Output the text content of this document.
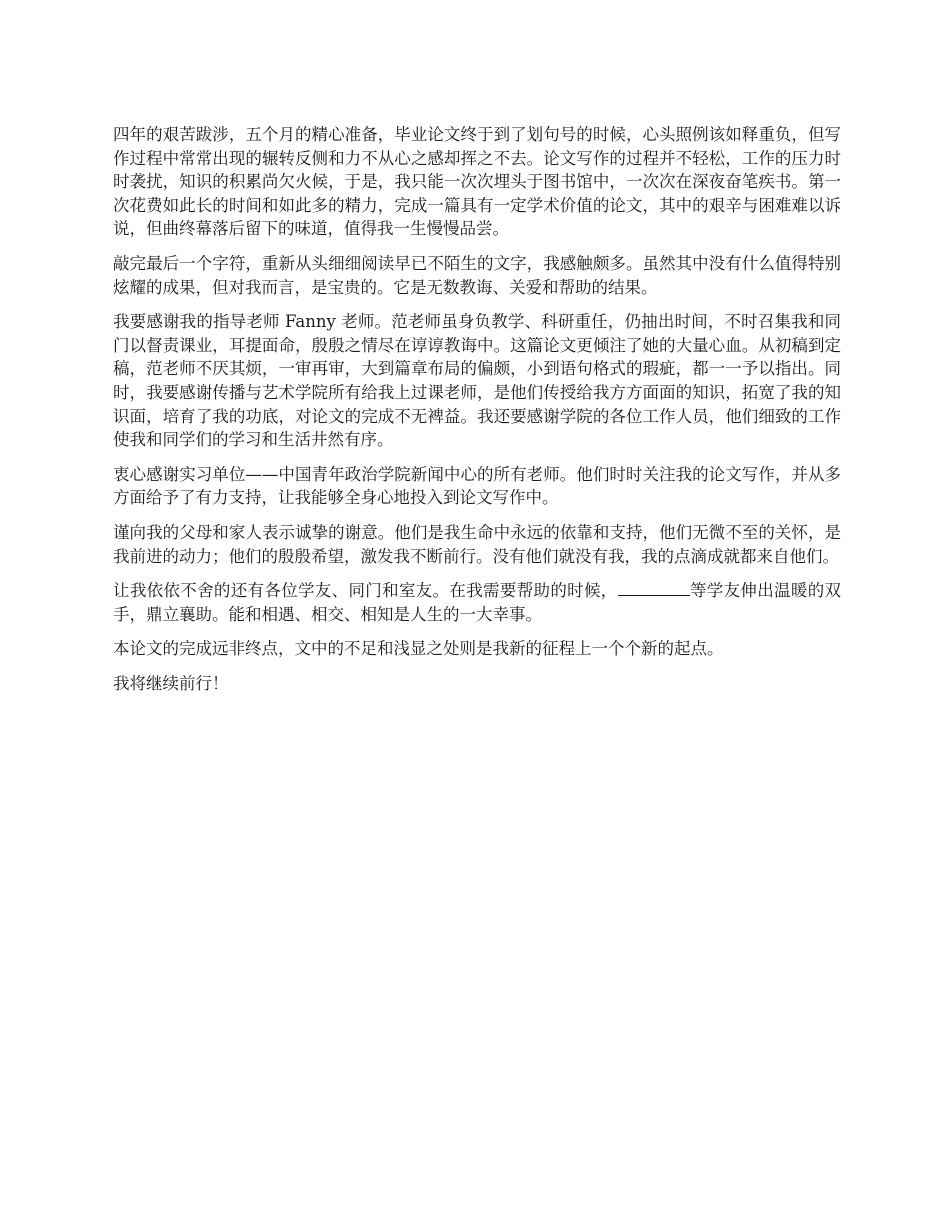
四年的艰苦跋涉，五个月的精心准备，毕业论文终于到了划句号的时候，心头照例该如释重负，但写作过程中常常出现的辗转反侧和力不从心之感却挥之不去。论文写作的过程并不轻松，工作的压力时时袭扰，知识的积累尚欠火候，于是，我只能一次次埋头于图书馆中，一次次在深夜奋笔疾书。第一次花费如此长的时间和如此多的精力，完成一篇具有一定学术价值的论文，其中的艰辛与困难难以诉说，但曲终幕落后留下的味道，值得我一生慢慢品尝。

敲完最后一个字符，重新从头细细阅读早已不陌生的文字，我感触颇多。虽然其中没有什么值得特别炫耀的成果，但对我而言，是宝贵的。它是无数教诲、关爱和帮助的结果。

我要感谢我的指导老师 Fanny 老师。范老师虽身负教学、科研重任，仍抽出时间，不时召集我和同门以督责课业，耳提面命，殷殷之情尽在谆谆教诲中。这篇论文更倾注了她的大量心血。从初稿到定稿，范老师不厌其烦，一审再审，大到篇章布局的偏颇，小到语句格式的瑕疵，都一一予以指出。同时，我要感谢传播与艺术学院所有给我上过课老师，是他们传授给我方方面面的知识，拓宽了我的知识面，培育了我的功底，对论文的完成不无裨益。我还要感谢学院的各位工作人员，他们细致的工作使我和同学们的学习和生活井然有序。

衷心感谢实习单位——中国青年政治学院新闻中心的所有老师。他们时时关注我的论文写作，并从多方面给予了有力支持，让我能够全身心地投入到论文写作中。

谨向我的父母和家人表示诚挚的谢意。他们是我生命中永远的依靠和支持，他们无微不至的关怀，是我前进的动力；他们的殷殷希望，激发我不断前行。没有他们就没有我，我的点滴成就都来自他们。

让我依依不舍的还有各位学友、同门和室友。在我需要帮助的时候，	等学友伸出温暖的双手，鼎立襄助。能和相遇、相交、相知是人生的一大幸事。

本论文的完成远非终点，文中的不足和浅显之处则是我新的征程上一个个新的起点。

我将继续前行！
